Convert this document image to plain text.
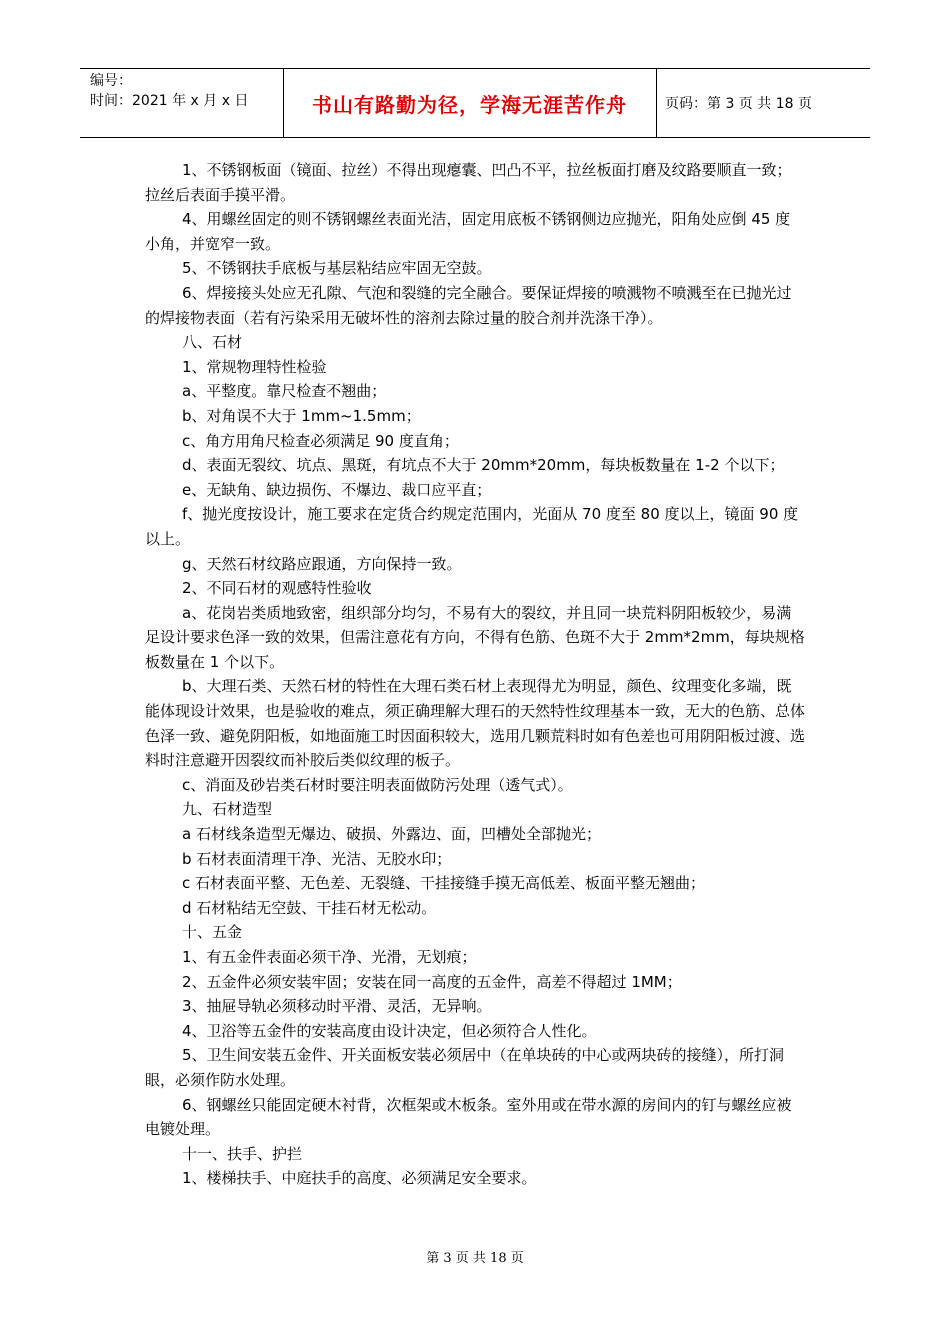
编号：
时间：2021 年 x 月 x 日	书山有路勤为径，学海无涯苦作舟	页码：第 3 页 共 18 页

1、不锈钢板面（镜面、拉丝）不得出现瘪囊、凹凸不平，拉丝板面打磨及纹路要顺直一致；拉丝后表面手摸平滑。

4、用螺丝固定的则不锈钢螺丝表面光洁，固定用底板不锈钢侧边应抛光，阳角处应倒 45 度小角，并宽窄一致。

5、不锈钢扶手底板与基层粘结应牢固无空鼓。

6、焊接接头处应无孔隙、气泡和裂缝的完全融合。要保证焊接的喷溅物不喷溅至在已抛光过的焊接物表面（若有污染采用无破坏性的溶剂去除过量的胶合剂并洗涤干净）。

八、石材

1、常规物理特性检验

a、平整度。靠尺检查不翘曲；

b、对角误不大于 1mm~1.5mm；

c、角方用角尺检查必须满足 90 度直角；

d、表面无裂纹、坑点、黑斑，有坑点不大于 20mm*20mm，每块板数量在 1-2 个以下；

e、无缺角、缺边损伤、不爆边、裁口应平直；

f、抛光度按设计，施工要求在定货合约规定范围内，光面从 70 度至 80 度以上，镜面 90 度以上。

g、天然石材纹路应跟通，方向保持一致。

2、不同石材的观感特性验收

a、花岗岩类质地致密，组织部分均匀，不易有大的裂纹，并且同一块荒料阴阳板较少，易满足设计要求色泽一致的效果，但需注意花有方向，不得有色筋、色斑不大于 2mm*2mm，每块规格板数量在 1 个以下。

b、大理石类、天然石材的特性在大理石类石材上表现得尤为明显，颜色、纹理变化多端，既能体现设计效果，也是验收的难点，须正确理解大理石的天然特性纹理基本一致，无大的色筋、总体色泽一致、避免阴阳板，如地面施工时因面积较大，选用几颗荒料时如有色差也可用阴阳板过渡、选料时注意避开因裂纹而补胶后类似纹理的板子。

c、消面及砂岩类石材时要注明表面做防污处理（透气式）。

九、石材造型

a 石材线条造型无爆边、破损、外露边、面，凹槽处全部抛光；

b 石材表面清理干净、光洁、无胶水印；

c 石材表面平整、无色差、无裂缝、干挂接缝手摸无高低差、板面平整无翘曲；

d 石材粘结无空鼓、干挂石材无松动。

十、五金

1、有五金件表面必须干净、光滑，无划痕；

2、五金件必须安装牢固；安装在同一高度的五金件，高差不得超过 1MM；

3、抽屉导轨必须移动时平滑、灵活，无异响。

4、卫浴等五金件的安装高度由设计决定，但必须符合人性化。

5、卫生间安装五金件、开关面板安装必须居中（在单块砖的中心或两块砖的接缝），所打洞眼，必须作防水处理。

6、钢螺丝只能固定硬木衬背，次框架或木板条。室外用或在带水源的房间内的钉与螺丝应被电镀处理。

十一、扶手、护拦

1、楼梯扶手、中庭扶手的高度、必须满足安全要求。

第 3 页 共 18 页
